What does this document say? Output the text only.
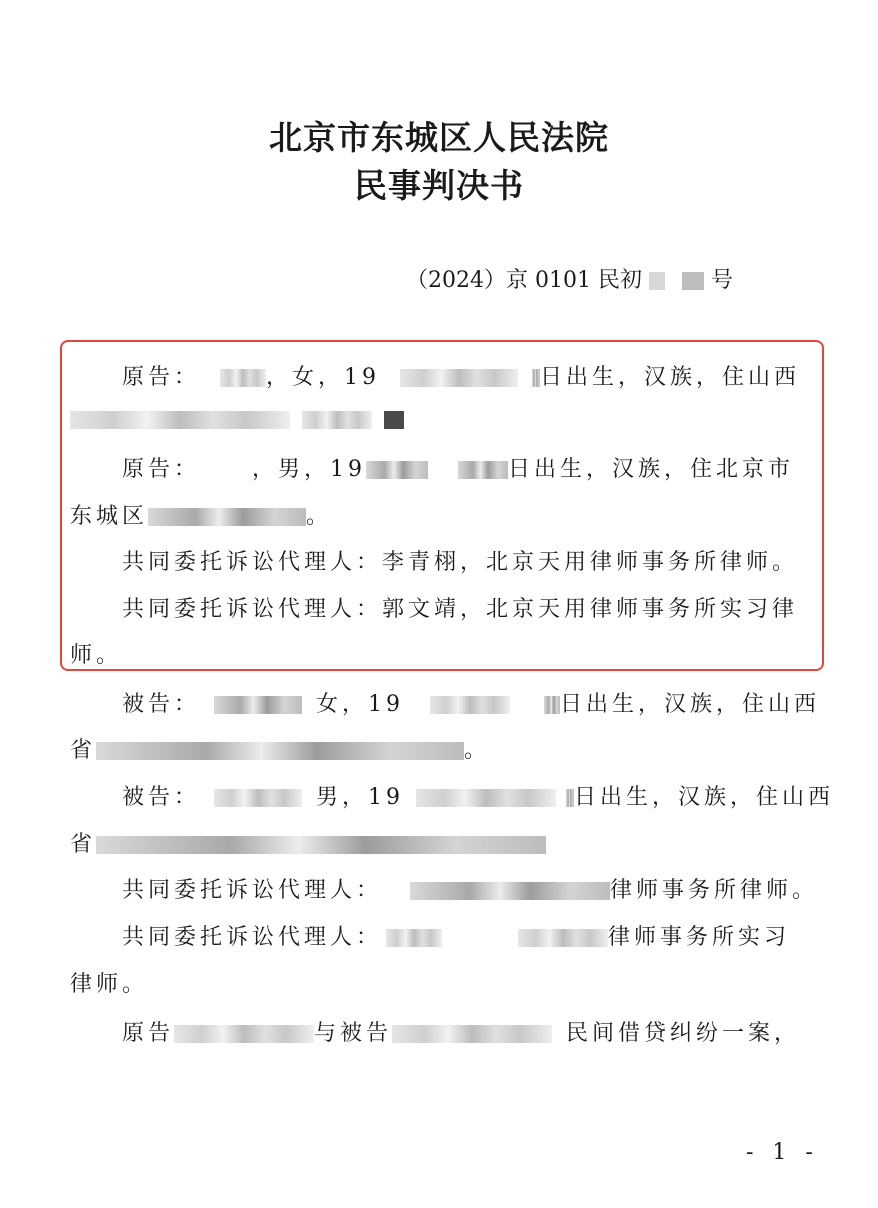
北京市东城区人民法院
民事判决书
（2024）京 0101 民初	号
原告：	，女，19	日出生，汉族，住山西
原告： ，男，19	日出生，汉族，住北京市
东城区	。
共同委托诉讼代理人：李青栩，北京天用律师事务所律师。
共同委托诉讼代理人：郭文靖，北京天用律师事务所实习律
师。
被告：	女，19	日出生，汉族，住山西
省	。
被告：	男，19	日出生，汉族，住山西
省
共同委托诉讼代理人：	律师事务所律师。
共同委托诉讼代理人：	律师事务所实习
律师。
原告	与被告	民间借贷纠纷一案，
- 1 -
